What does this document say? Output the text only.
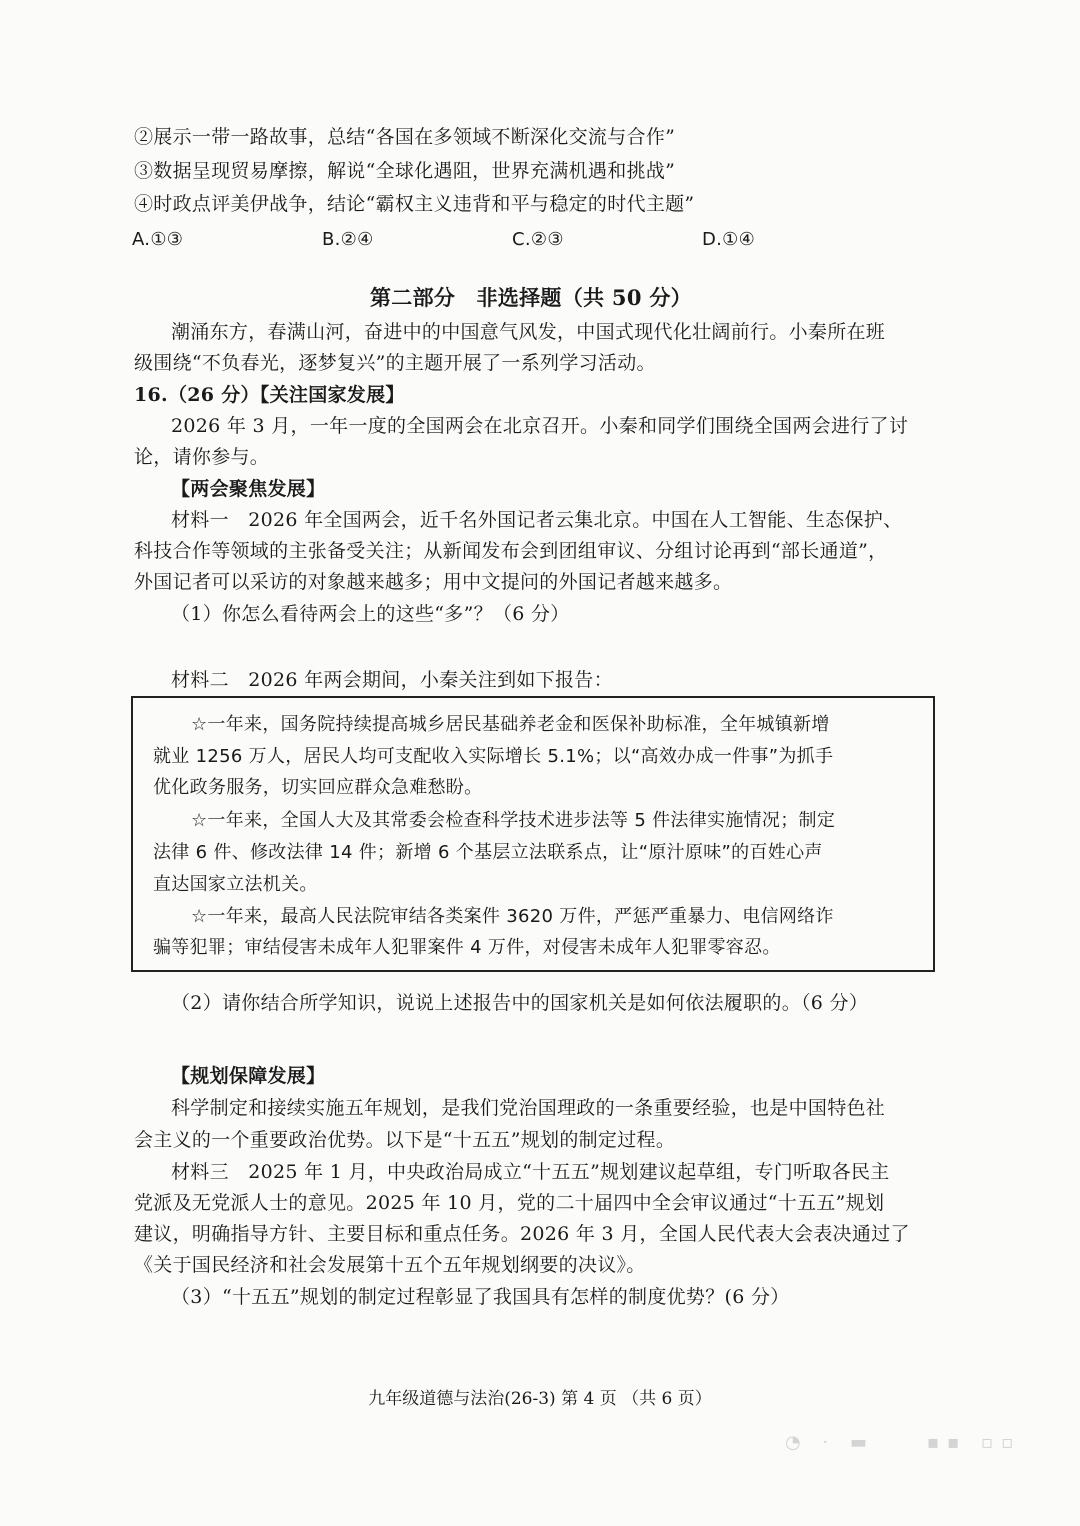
②展示一带一路故事，总结“各国在多领域不断深化交流与合作”
③数据呈现贸易摩擦，解说“全球化遇阻，世界充满机遇和挑战”
④时政点评美伊战争，结论“霸权主义违背和平与稳定的时代主题”
A.①③	B.②④	C.②③	D.①④
第二部分　非选择题（共 50 分）
潮涌东方，春满山河，奋进中的中国意气风发，中国式现代化壮阔前行。小秦所在班
级围绕“不负春光，逐梦复兴”的主题开展了一系列学习活动。
16.（26 分）【关注国家发展】
2026 年 3 月，一年一度的全国两会在北京召开。小秦和同学们围绕全国两会进行了讨
论，请你参与。
【两会聚焦发展】
材料一　2026 年全国两会，近千名外国记者云集北京。中国在人工智能、生态保护、
科技合作等领域的主张备受关注；从新闻发布会到团组审议、分组讨论再到“部长通道”，
外国记者可以采访的对象越来越多；用中文提问的外国记者越来越多。
（1）你怎么看待两会上的这些“多”？（6 分）
材料二　2026 年两会期间，小秦关注到如下报告：
☆一年来，国务院持续提高城乡居民基础养老金和医保补助标准，全年城镇新增
就业 1256 万人，居民人均可支配收入实际增长 5.1%；以“高效办成一件事”为抓手
优化政务服务，切实回应群众急难愁盼。
☆一年来，全国人大及其常委会检查科学技术进步法等 5 件法律实施情况；制定
法律 6 件、修改法律 14 件；新增 6 个基层立法联系点，让“原汁原味”的百姓心声
直达国家立法机关。
☆一年来，最高人民法院审结各类案件 3620 万件，严惩严重暴力、电信网络诈
骗等犯罪；审结侵害未成年人犯罪案件 4 万件，对侵害未成年人犯罪零容忍。
（2）请你结合所学知识，说说上述报告中的国家机关是如何依法履职的。（6 分）
【规划保障发展】
科学制定和接续实施五年规划，是我们党治国理政的一条重要经验，也是中国特色社
会主义的一个重要政治优势。以下是“十五五”规划的制定过程。
材料三　2025 年 1 月，中央政治局成立“十五五”规划建议起草组，专门听取各民主
党派及无党派人士的意见。2025 年 10 月，党的二十届四中全会审议通过“十五五”规划
建议，明确指导方针、主要目标和重点任务。2026 年 3 月，全国人民代表大会表决通过了
《关于国民经济和社会发展第十五个五年规划纲要的决议》。
（3）“十五五”规划的制定过程彰显了我国具有怎样的制度优势？(6 分）
九年级道德与法治(26-3) 第 4 页 （共 6 页）
◔ · ▬　　▪▪ ▫▫
